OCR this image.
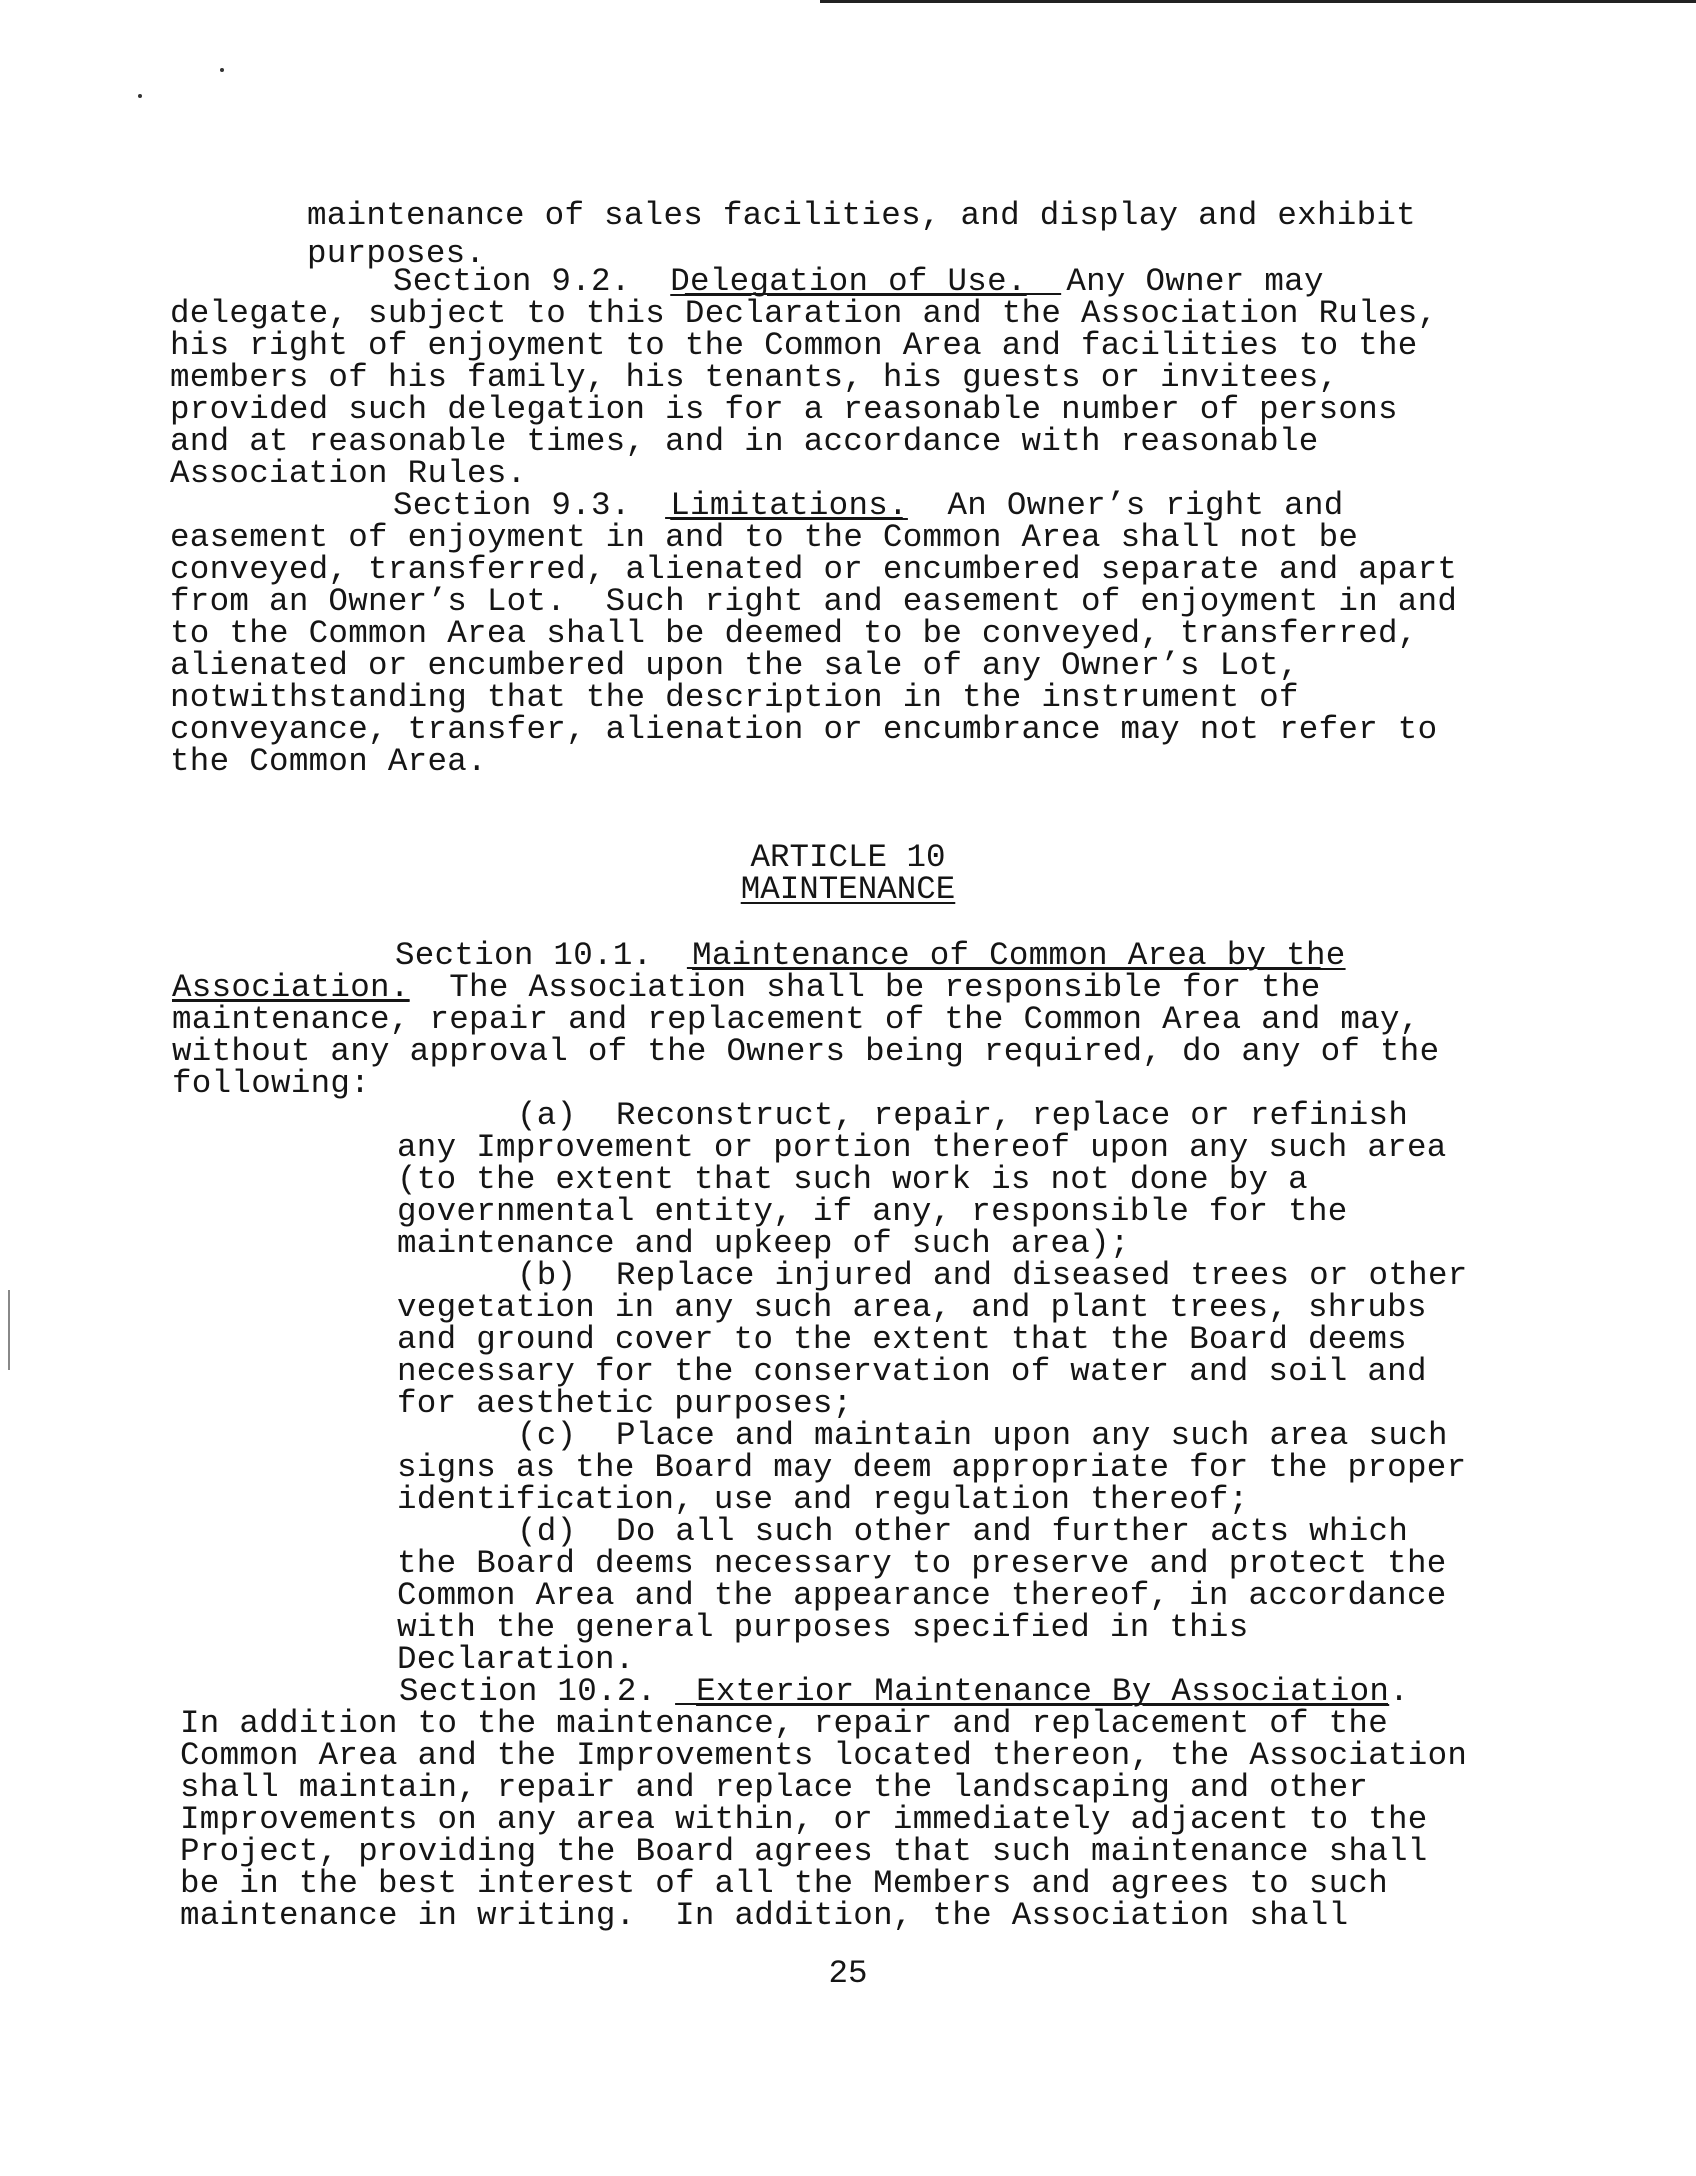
maintenance of sales facilities, and display and exhibit
purposes.
Section 9.2.  Delegation of Use.  Any Owner may
delegate, subject to this Declaration and the Association Rules,
his right of enjoyment to the Common Area and facilities to the
members of his family, his tenants, his guests or invitees,
provided such delegation is for a reasonable number of persons
and at reasonable times, and in accordance with reasonable
Association Rules.
Section 9.3.  Limitations.  An Owner’s right and
easement of enjoyment in and to the Common Area shall not be
conveyed, transferred, alienated or encumbered separate and apart
from an Owner’s Lot.  Such right and easement of enjoyment in and
to the Common Area shall be deemed to be conveyed, transferred,
alienated or encumbered upon the sale of any Owner’s Lot,
notwithstanding that the description in the instrument of
conveyance, transfer, alienation or encumbrance may not refer to
the Common Area.
ARTICLE 10
MAINTENANCE
Section 10.1.  Maintenance of Common Area by the
Association.  The Association shall be responsible for the
maintenance, repair and replacement of the Common Area and may,
without any approval of the Owners being required, do any of the
following:
(a)  Reconstruct, repair, replace or refinish
any Improvement or portion thereof upon any such area
(to the extent that such work is not done by a
governmental entity, if any, responsible for the
maintenance and upkeep of such area);
(b)  Replace injured and diseased trees or other
vegetation in any such area, and plant trees, shrubs
and ground cover to the extent that the Board deems
necessary for the conservation of water and soil and
for aesthetic purposes;
(c)  Place and maintain upon any such area such
signs as the Board may deem appropriate for the proper
identification, use and regulation thereof;
(d)  Do all such other and further acts which
the Board deems necessary to preserve and protect the
Common Area and the appearance thereof, in accordance
with the general purposes specified in this
Declaration.
Section 10.2.  Exterior Maintenance By Association.
In addition to the maintenance, repair and replacement of the
Common Area and the Improvements located thereon, the Association
shall maintain, repair and replace the landscaping and other
Improvements on any area within, or immediately adjacent to the
Project, providing the Board agrees that such maintenance shall
be in the best interest of all the Members and agrees to such
maintenance in writing.  In addition, the Association shall
25
